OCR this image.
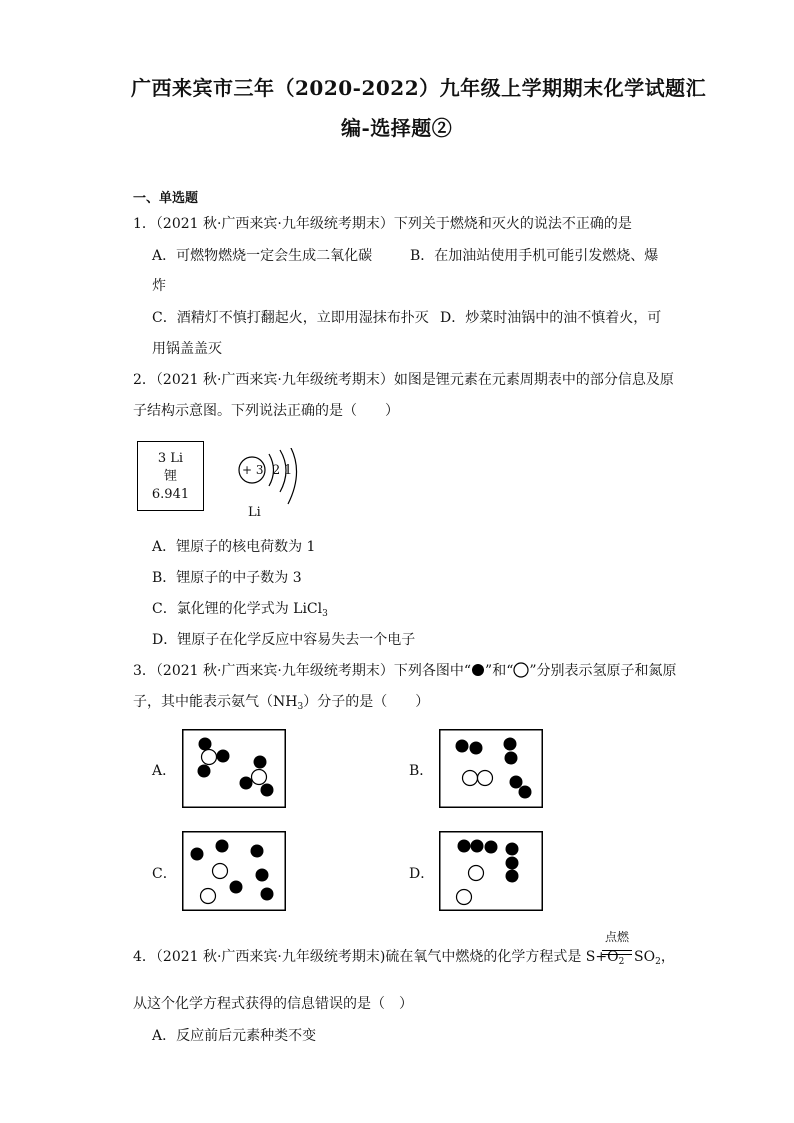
广西来宾市三年（2020-2022）九年级上学期期末化学试题汇
编-选择题②
一、单选题
1．（2021 秋·广西来宾·九年级统考期末）下列关于燃烧和灭火的说法不正确的是
A．可燃物燃烧一定会生成二氧化碳	B．在加油站使用手机可能引发燃烧、爆
炸
C．酒精灯不慎打翻起火，立即用湿抹布扑灭 D．炒菜时油锅中的油不慎着火，可
用锅盖盖灭
2．（2021 秋·广西来宾·九年级统考期末）如图是锂元素在元素周期表中的部分信息及原
子结构示意图。下列说法正确的是（　　）
3 Li
锂
6.941
+ 3 2 1
Li
A．锂原子的核电荷数为 1
B．锂原子的中子数为 3
C．氯化锂的化学式为 LiCl$_3$
D．锂原子在化学反应中容易失去一个电子
3．（2021 秋·广西来宾·九年级统考期末）下列各图中“ ”和“ ”分别表示氢原子和氮原
子，其中能表示氨气$(NH_3)$分子的是（　　）
A．	B．
C．	D．
4．（2021 秋·广西来宾·九年级统考期末)硫在氧气中燃烧的化学方程式是 $S+O_2$
点燃
$SO_2$，
从这个化学方程式获得的信息错误的是（　）
A．反应前后元素种类不变
